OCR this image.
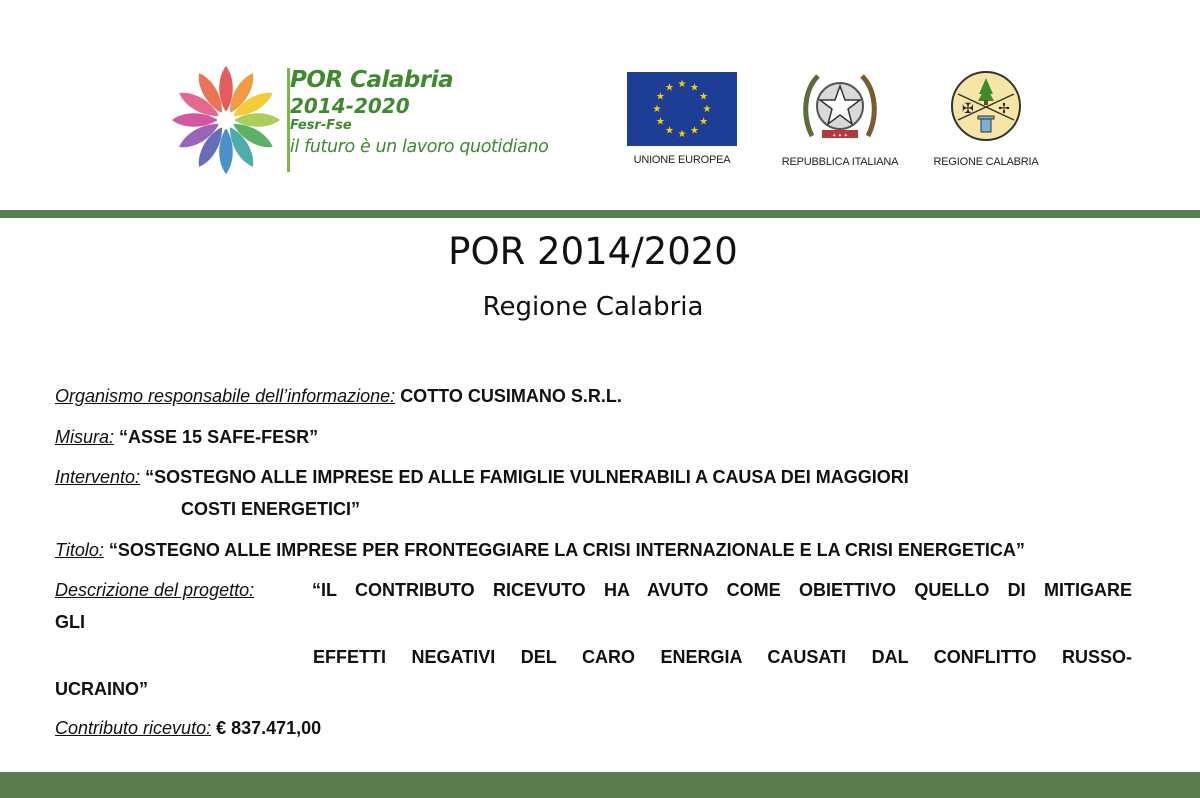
POR Calabria
2014-2020
Fesr-Fse
il futuro è un lavoro quotidiano
★ ★
★
★
★
★
★
★
★
★
★
★
UNIONE EUROPEA
✦ ✦ ✦
REPUBBLICA ITALIANA
✠ ✢
REGIONE CALABRIA
POR 2014/2020
Regione Calabria
Organismo responsabile dell’informazione: COTTO CUSIMANO S.R.L.
Misura: “ASSE 15 SAFE-FESR”
Intervento: “SOSTEGNO ALLE IMPRESE ED ALLE FAMIGLIE VULNERABILI A CAUSA DEI MAGGIORI
COSTI ENERGETICI”
Titolo: “SOSTEGNO ALLE IMPRESE PER FRONTEGGIARE LA CRISI INTERNAZIONALE E LA CRISI ENERGETICA”
Descrizione del progetto:	“IL CONTRIBUTO RICEVUTO HA AVUTO COME OBIETTIVO QUELLO DI MITIGARE
GLI
EFFETTI NEGATIVI DEL CARO ENERGIA CAUSATI DAL CONFLITTO RUSSO-
UCRAINO”
Contributo ricevuto: € 837.471,00
